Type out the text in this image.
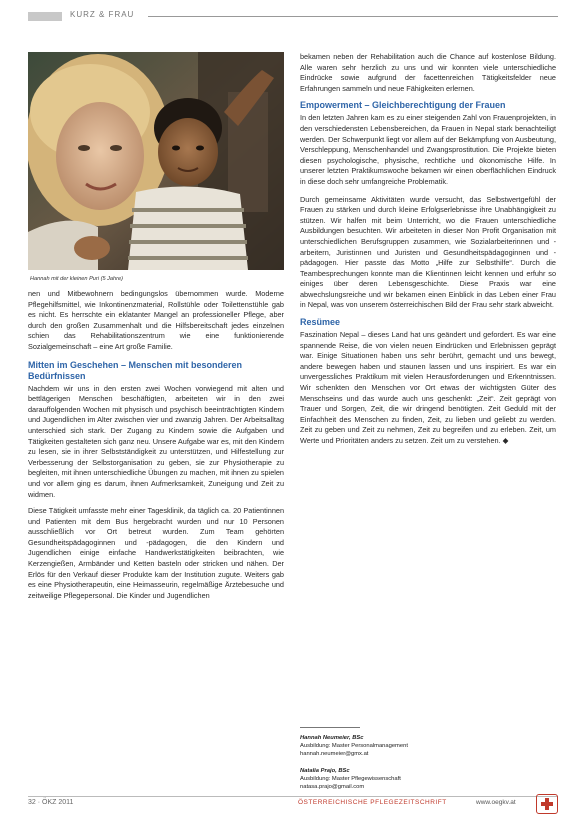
KURZ & FRAU
Hannah mit der kleinen Puri (5 Jahre)

nen und Mitbewohnern bedingungslos übernommen wurde. Moderne Pflegehilfsmittel, wie Inkontinenzmaterial, Rollstühle oder Toilettenstühle gab es nicht. Es herrschte ein eklatanter Mangel an professioneller Pflege, aber durch den großen Zusammenhalt und die Hilfsbereitschaft jedes einzelnen schien das Rehabilitationszentrum wie eine funktionierende Sozialgemeinschaft – eine Art große Familie.

Mitten im Geschehen – Menschen mit besonderen Bedürfnissen

Nachdem wir uns in den ersten zwei Wochen vorwiegend mit alten und bettlägerigen Menschen beschäftigten, arbeiteten wir in den zwei darauffolgenden Wochen mit physisch und psychisch beeinträchtigten Kindern und Jugendlichen im Alter zwischen vier und zwanzig Jahren. Der Arbeitsalltag unterschied sich stark. Der Zugang zu Kindern sowie die Aufgaben und Tätigkeiten gestalteten sich ganz neu. Unsere Aufgabe war es, mit den Kindern zu lesen, sie in ihrer Selbstständigkeit zu unterstützen, und Hilfestellung zur Verbesserung der Selbstorganisation zu geben, sie zur Physiotherapie zu begleiten, mit ihnen unterschiedliche Übungen zu machen, mit ihnen zu spielen und vor allem ging es darum, ihnen Aufmerksamkeit, Zuneigung und Zeit zu widmen.

Diese Tätigkeit umfasste mehr einer Tagesklinik, da täglich ca. 20 Patientinnen und Patienten mit dem Bus hergebracht wurden und nur 10 Personen ausschließlich vor Ort betreut wurden. Zum Team gehörten Gesundheitspädagoginnen und -pädagogen, die den Kindern und Jugendlichen einige einfache Handwerkstätigkeiten beibrachten, wie Kerzengießen, Armbänder und Ketten basteln oder stricken und nähen. Der Erlös für den Verkauf dieser Produkte kam der Institution zugute. Weiters gab es eine Physiotherapeutin, eine Heimasseurin, regelmäßige Ärztebesuche und zeitweilige Pflegepersonal. Die Kinder und Jugendlichen

bekamen neben der Rehabilitation auch die Chance auf kostenlose Bildung. Alle waren sehr herzlich zu uns und wir konnten viele unterschiedliche Eindrücke sowie aufgrund der facettenreichen Tätigkeitsfelder neue Erfahrungen sammeln und neue Fähigkeiten erlernen.

Empowerment – Gleichberechtigung der Frauen

In den letzten Jahren kam es zu einer steigenden Zahl von Frauenprojekten, in den verschiedensten Lebensbereichen, da Frauen in Nepal stark benachteiligt werden. Der Schwerpunkt liegt vor allem auf der Bekämpfung von Ausbeutung, Verschleppung, Menschenhandel und Zwangsprostitution. Die Projekte bieten diesen psychologische, physische, rechtliche und ökonomische Hilfe. In unserer letzten Praktikumswoche bekamen wir einen oberflächlichen Eindruck in diese doch sehr umfangreiche Problematik.

Durch gemeinsame Aktivitäten wurde versucht, das Selbstwertgefühl der Frauen zu stärken und durch kleine Erfolgserlebnisse ihre Unabhängigkeit zu stützen. Wir halfen mit beim Unterricht, wo die Frauen unterschiedliche Ausbildungen besuchten. Wir arbeiteten in dieser Non Profit Organisation mit unterschiedlichen Berufsgruppen zusammen, wie Sozialarbeiterinnen und -arbeitern, Juristinnen und Juristen und Gesundheitspädagoginnen und -pädagogen. Hier passte das Motto „Hilfe zur Selbsthilfe“. Durch die Teambesprechungen konnte man die Klientinnen leicht kennen und erfuhr so einiges über deren Lebensgeschichte. Diese Praxis war eine abwechslungsreiche und wir bekamen einen Einblick in das Leben einer Frau in Nepal, was von unserem österreichischen Bild der Frau sehr stark abweicht.

Resümee

Faszination Nepal – dieses Land hat uns geändert und gefordert. Es war eine spannende Reise, die von vielen neuen Eindrücken und Erlebnissen geprägt war. Einige Situationen haben uns sehr berührt, gemacht und uns bewegt, andere bewegen haben und staunen lassen und uns inspiriert. Es war ein unvergessliches Praktikum mit vielen Herausforderungen und Erkenntnissen. Wir schenkten den Menschen vor Ort etwas der wichtigsten Güter des Menschseins und das wurde auch uns geschenkt: „Zeit“. Zeit geprägt von Trauer und Sorgen, Zeit, die wir dringend benötigten. Zeit Geduld mit der Einfachheit des Menschen zu finden, Zeit, zu lieben und geliebt zu werden. Zeit zu geben und Zeit zu nehmen, Zeit zu begreifen und zu erleben. Zeit, um Werte und Prioritäten anders zu setzen. Zeit um zu verstehen. ◆

Hannah Neumeier, BSc
Ausbildung: Master Personalmanagement
hannah.neumeier@gmx.at
Natalia Prajo, BSc
Ausbildung: Master Pflegewissenschaft
natasa.prajo@gmail.com
32 · ÖKZ 2011	ÖSTERREICHISCHE PFLEGEZEITSCHRIFT	www.oegkv.at
